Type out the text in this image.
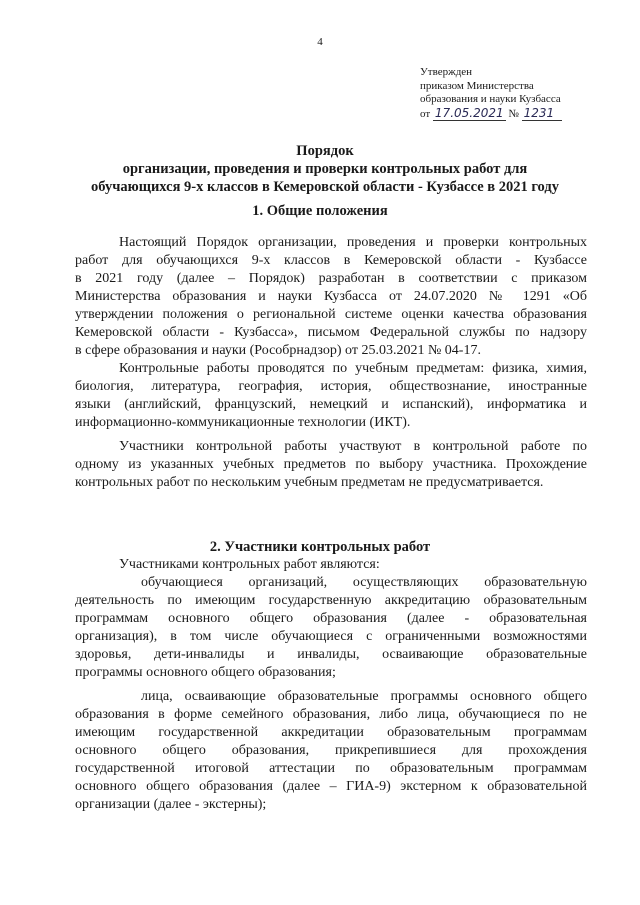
4
Утвержден
приказом Министерства
образования и науки Кузбасса
от 17.05.2021 № 1231
Порядок
организации, проведения и проверки контрольных работ для
обучающихся 9-х классов в Кемеровской области - Кузбассе в 2021 году
1. Общие положения
Настоящий Порядок организации, проведения и проверки контрольных
работ для обучающихся 9-х классов в Кемеровской области - Кузбассе
в 2021 году (далее – Порядок) разработан в соответствии с приказом
Министерства образования и науки Кузбасса от 24.07.2020 № 1291 «Об
утверждении положения о региональной системе оценки качества образования
Кемеровской области - Кузбасса», письмом Федеральной службы по надзору
в сфере образования и науки (Рособрнадзор) от 25.03.2021 № 04-17.
Контрольные работы проводятся по учебным предметам: физика, химия,
биология, литература, география, история, обществознание, иностранные
языки (английский, французский, немецкий и испанский), информатика и
информационно-коммуникационные технологии (ИКТ).
Участники контрольной работы участвуют в контрольной работе по
одному из указанных учебных предметов по выбору участника. Прохождение
контрольных работ по нескольким учебным предметам не предусматривается.
2. Участники контрольных работ
Участниками контрольных работ являются:
обучающиеся организаций, осуществляющих образовательную
деятельность по имеющим государственную аккредитацию образовательным
программам основного общего образования (далее - образовательная
организация), в том числе обучающиеся с ограниченными возможностями
здоровья, дети-инвалиды и инвалиды, осваивающие образовательные
программы основного общего образования;
лица, осваивающие образовательные программы основного общего
образования в форме семейного образования, либо лица, обучающиеся по не
имеющим государственной аккредитации образовательным программам
основного общего образования, прикрепившиеся для прохождения
государственной итоговой аттестации по образовательным программам
основного общего образования (далее – ГИА-9) экстерном к образовательной
организации (далее - экстерны);
